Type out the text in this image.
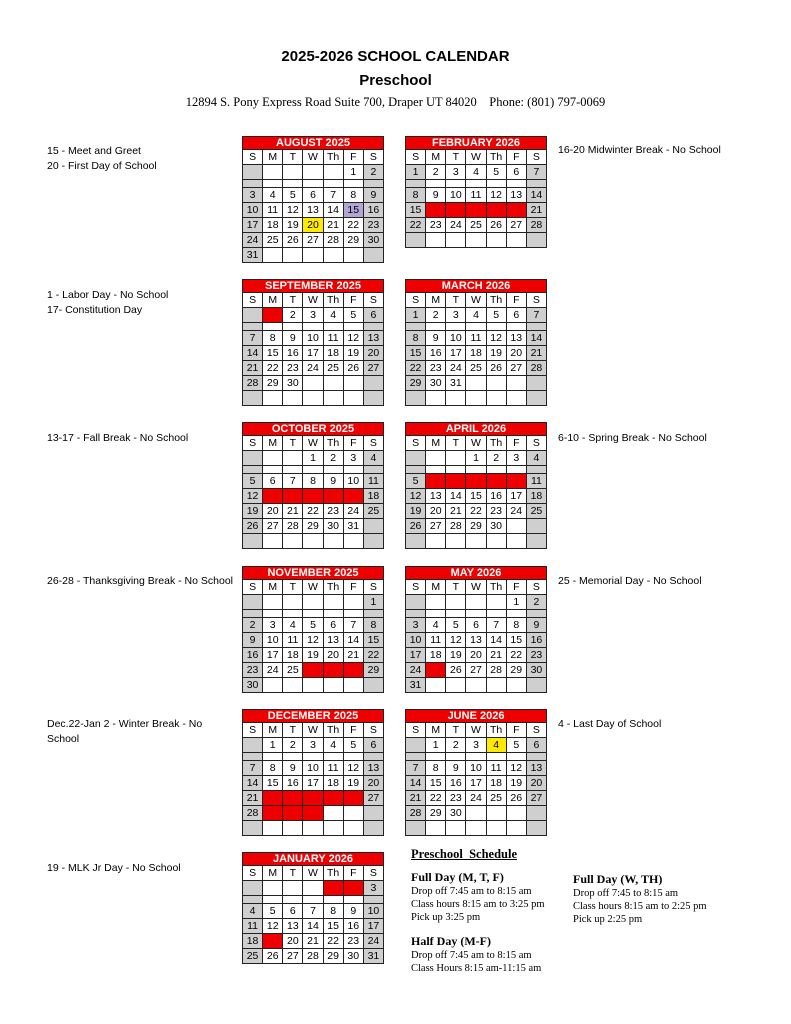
2025-2026 SCHOOL CALENDAR
Preschool
12894 S. Pony Express Road Suite 700, Draper UT 84020    Phone: (801) 797-0069
AUGUST 2025
S	M	T	W	Th	F	S
					1	2

3	4	5	6	7	8	9
10	11	12	13	14	15	16
17	18	19	20	21	22	23
24	25	26	27	28	29	30
31						
FEBRUARY 2026
S	M	T	W	Th	F	S
1	2	3	4	5	6	7

8	9	10	11	12	13	14
15	16	17	18	19	20	21
22	23	24	25	26	27	28

SEPTEMBER 2025
S	M	T	W	Th	F	S
	1	2	3	4	5	6

7	8	9	10	11	12	13
14	15	16	17	18	19	20
21	22	23	24	25	26	27
28	29	30				

MARCH 2026
S	M	T	W	Th	F	S
1	2	3	4	5	6	7

8	9	10	11	12	13	14
15	16	17	18	19	20	21
22	23	24	25	26	27	28
29	30	31				

OCTOBER 2025
S	M	T	W	Th	F	S
			1	2	3	4

5	6	7	8	9	10	11
12	13	14	15	16	17	18
19	20	21	22	23	24	25
26	27	28	29	30	31	

APRIL 2026
S	M	T	W	Th	F	S
			1	2	3	4

5	6	7	8	9	10	11
12	13	14	15	16	17	18
19	20	21	22	23	24	25
26	27	28	29	30		

NOVEMBER 2025
S	M	T	W	Th	F	S
						1

2	3	4	5	6	7	8
9	10	11	12	13	14	15
16	17	18	19	20	21	22
23	24	25	26	27	28	29
30						
MAY 2026
S	M	T	W	Th	F	S
					1	2

3	4	5	6	7	8	9
10	11	12	13	14	15	16
17	18	19	20	21	22	23
24	25	26	27	28	29	30
31						
DECEMBER 2025
S	M	T	W	Th	F	S
	1	2	3	4	5	6

7	8	9	10	11	12	13
14	15	16	17	18	19	20
21	22	23	24	25	26	27
28	29	30	31			

JUNE 2026
S	M	T	W	Th	F	S
	1	2	3	4	5	6

7	8	9	10	11	12	13
14	15	16	17	18	19	20
21	22	23	24	25	26	27
28	29	30				

JANUARY 2026
S	M	T	W	Th	F	S
				1	2	3

4	5	6	7	8	9	10
11	12	13	14	15	16	17
18	19	20	21	22	23	24
25	26	27	28	29	30	31
15 - Meet and Greet
20 - First Day of School
16-20 Midwinter Break - No School
1 - Labor Day - No School
17- Constitution Day
13-17 - Fall Break - No School	6-10 - Spring Break - No School
26-28 - Thanksgiving Break - No School	25 - Memorial Day - No School
Dec.22-Jan 2 - Winter Break - No
School
4 - Last Day of School
19 - MLK Jr Day - No School
Preschool  Schedule
Full Day (M, T, F)
Drop off 7:45 am to 8:15 am
Class hours 8:15 am to 3:25 pm
Pick up 3:25 pm
Half Day (M-F)
Drop off 7:45 am to 8:15 am
Class Hours 8:15 am-11:15 am
Full Day (W, TH)
Drop off 7:45 to 8:15 am
Class hours 8:15 am to 2:25 pm
Pick up 2:25 pm
